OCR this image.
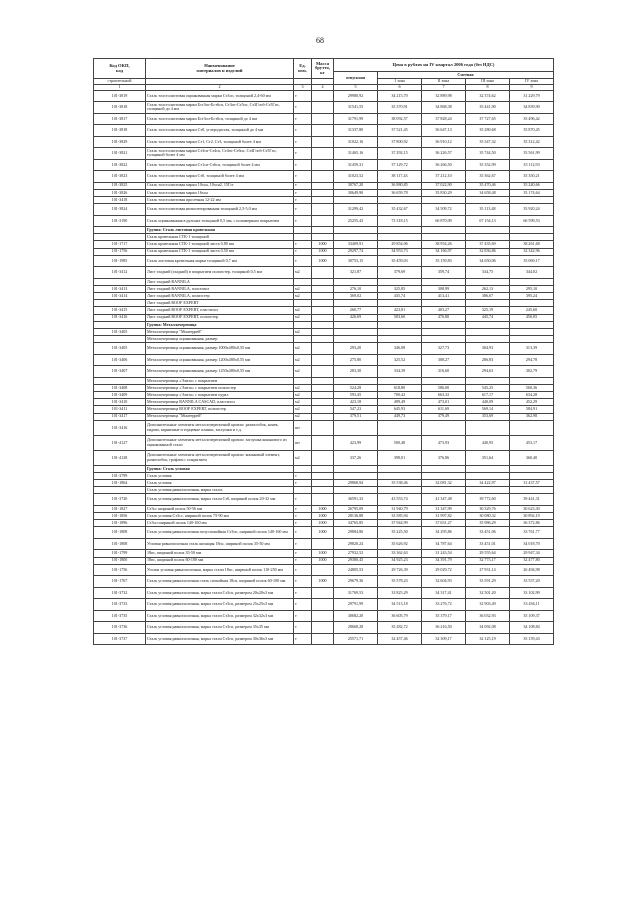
68
Код ОКП,
код	Наименование
материалов и изделий	Ед.
изм.	Масса
брутто,
кг	Цена в рублях на IV квартал 2006 года (без НДС)				
				отпускная	Сметная			
строительной					1 зона	II зона	III зона	IV зона
1	2	3	4	5	6	7	8	9
101-3819	Сталь толстолистовая оцинкованная марки Ст3сп, толщиной 2,4-60 мм	т		29980,92	34 215,70	32 889,98	32 374,62	31 229,79
101-3818	Сталь толстолистовая марки Бст3пс-Бст6сп, Ст3пс-Ст5пс, Ст3Гпс6-Ст5Гпс, толщиной до 4 мм	т		31541,55	35 370,91	34 868,38	35 441,90	34 839,90
101-3817	Сталь толстолистовая марки Бст3сп-Бст6сп, толщиной до 4 мм	т		31791,99	38 092,57	37 828,24	37 727,65	35 496,42
101-3818	Сталь толстолистовая марки Ст0, углеродистая, толщиной до 4 мм	т		31337,80	37 521,45	36 647,13	35 280,68	35 870,45
101-3829	Сталь толстолистовая марки Ст1, Ст2, Ст3, толщиной более 4 мм	т		31022,16	37 800,92	36 910,12	35 347,32	35 312,42
101-3821	Сталь толстолистовая марки Ст3сп-Ст4сп, Ст4пс-Ст6пс, Ст4Гпс6-Ст5Гпс, толщиной более 4 мм	т		31465,16	37 292,15	36 226,57	35 744,50	35 561,99
101-3822	Сталь толстолистовая марки Ст1сп-Ст6сп, толщиной более 4 мм	т		31459,31	37 129,72	36 266,50	35 352,99	35 112,93
101-3823	Сталь толстолистовая марки Ст0, толщиной более 4 мм	т		31023,52	38 117,43	37 212,10	35 362,67	35 350,21
101-3825	Сталь толстолистовая марки 10хсн, 10хсн2, 15Гсг	т		30767,20	36 880,85	37 022,90	35 470,46	35 240,66
101-3826	Сталь толстолистовая марки 16хсн	т		30649,90	36 659,78	35 830,29	34 658,48	35 174,64
101-3418	Сталь толстолистовая просечная 12-22 мм	т						
101-3824	Сталь толстолистовая низколегированная толщиной 2,5-5,0 мм	т		31299,42	35 432,67	34 509,72	35 113,48	35 920,24
101-3190	Сталь оцинкованная в рулонах толщиной 0,5 мм, с полимерным покрытием	т		25255,43	73 318,15	66 870,09	67 154,13	66 599,53
	Группа: Сталь листовая кровельная							
	Сталь кровельная СТК-1 толщиной							
101-1717	Сталь кровельная СТК-1 толщиной листа 0,80 мм	т	1000	33409,91	29 854,06	38 954,26	37 435,69	38 261,68
101-1756	Сталь кровельная СТК-1 толщиной листа 0,50 мм	т	1000	29297,74	34 953,73	34 166,97	32 836,86	32 342,96
101-1985	Сталь листовая кровельная марки толщиной 0,7 мм	т	1000	30753,15	35 459,03	35 159,83	34 650,06	35 069,17
101-3412	Лист гладкий (гладкий) в покрытием полиэстер, толщиной 0,5 мм	м2		321,87	379,69	359,74	334,75	344,02
	Лист гладкий RANNILA							
101-3413	Лист гладкий RANNILA, пластизол	м2		276,10	325,85	308,99	262,13	295,10
101-3414	Лист гладкий RANNILA, полиэстер	м2		369,02	435,74	413,41	386,67	395,24
	Лист гладкий ROOF EXPERT							
101-3415	Лист гладкий ROOF EXPERT, пластизол	м2		260,77	423,81	403,27	325,19	245,60
101-3416	Лист гладкий ROOF EXPERT, полиэстер	м2		426,69	503,60	476,80	445,74	456,05
	Группа: Металлочерепица							
101-3405	Металлочерепица "Монтеррей"	м2						
	Металлочерепица оцинкованная, размер							
101-3405	Металлочерепица оцинкованная, размер 1000х480х0,55 мм	м2		293,20	346,08	327,73	304,93	313,39
101-3406	Металлочерепица оцинкованная, размер 1200х480х0,55 мм	м2		275,80	325,52	308,27	286,83	294,78
101-3407	Металлочерепица оцинкованная, размер 1250х480х0,55 мм	м2		283,30	334,39	316,60	294,63	302,79
	Металлочерепица «Элита» с покрытием							
101-3408	Металлочерепица «Элита» с покрытием полиэстер	м2		524,28	618,80	586,00	545,25	560,36
101-3409	Металлочерепица «Элита» с покрытием пурал	м2		593,45	700,42	663,32	617,17	634,28
101-3410	Металлочерепица RANNILA CASCAD, пластизол	м2		423,18	499,49	473,01	440,09	452,29
101-3411	Металлочерепица ROOF EXPERT, полиэстер	м2		547,23	645,93	611,69	569,14	584,91
101-3417	Металлочерепица "Монтеррей"	м2		379,51	449,73	379,49	353,69	362,98
101-3416	Дополнительные элементы металлочерепичной кровли: разжелобок, конек, ендова, карнизные и торцевые планки, заглушки и т.д.	шт						
101-4127	Дополнительные элементы металлочерепичной кровли: заглушка конькового из оцинкованной стали	шт		423,99	500,48	473,93	440,95	453,17
101-4128	Дополнительные элементы металлочерепичной кровли: коньковый элемент, разжелобок, графлен с покрытием	м2		337,26	398,01	376,86	351,64	360,40
	Группа: Сталь угловая							
101-3799	Сталь угловая	т						
101-1864	Сталь угловая	т		29868,94	35 538,46	32 081,32	34 422,97	31 437,57
	Сталь угловая равнополочная, марка стали:							
101-3720	Сталь угловая равнополочная, марка стали Ст0, шириной полок 20-32 мм	т		36591,33	43 553,74	41 347,48	39 772,60	39 441,31
101-1827	Ст3сс шириной полок 50-56 мм	т	1000	26795,09	31 940,79	31 347,99	30 329,76	30 623,30
101-1856	Сталь угловая Ст3сс, шириной полок 75-90 мм	т	1000	28136,88	33 585,94	31 997,82	30 080,32	30 892,19
101-1896	Ст3сп шириной полок 140-160 мм	т	1000	34765,85	37 944,99	37 651,27	35 986,29	36 372,86
101-1808	Сталь угловая равнополочная полуспокойная Ст3пс, шириной полок 140-160 мм	т	1000	29884,86	35 225,50	34 295,86	33 451,06	33 761,77
101-1808	Угловая равнополочная сталь кипящая 18пс, шириной полок 35-50 мм	т		29820,24	35 626,92	34 787,64	33 451,01	34 018,70
101-1799	18пс, шириной полок 35-50 мм	т	1000	27932,52	33 362,63	31 243,54	29 555,64	29 947,34
101-1800	18пс, шириной полок 60-100 мм	т	1000	29380,45	34 925,23	34 391,79	32 773,17	32 477,80
101-1756	Уголки угловая равнополочная, марка стали 18пс, шириной полок 110-250 мм	т		24805,53	29 726,39	29 029,72	27 931,14	26 494,98
101-1767	Сталь угловая равнополочная сталь спокойная 18сп, шириной полок 60-100 мм	т	1000	29679,36	35 578,23	32 604,93	33 591,29	33 537,20
101-3732	Сталь угловая равнополочная, марка стали Ст3сп, размером 20х20х3 мм	т		31769,53	33 825,29	34 317,41	32 501,20	33 102,99
101-3733	Сталь угловая равнополочная, марка стали Ст3сп, размером 25х25х3 мм	т		29791,99	34 513,18	33 276,72	32 903,49	33 436,11
101-3735	Сталь угловая равнополочная, марка стали Ст3сп, размером 32х32х3 мм	т		30682,20	36 605,79	35 379,17	36 032,93	35 109,37
101-3736	Сталь угловая равнополочная, марка стали Ст3сп, размером 35х35 мм	т		28668,28	35 282,72	36 216,50	34 092,08	34 108,84
101-3737	Сталь угловая равнополочная, марка стали Ст3сп, размером 30х36х3 мм	т		25571,71	32 457,46	32 309,17	32 125,19	35 159,43
